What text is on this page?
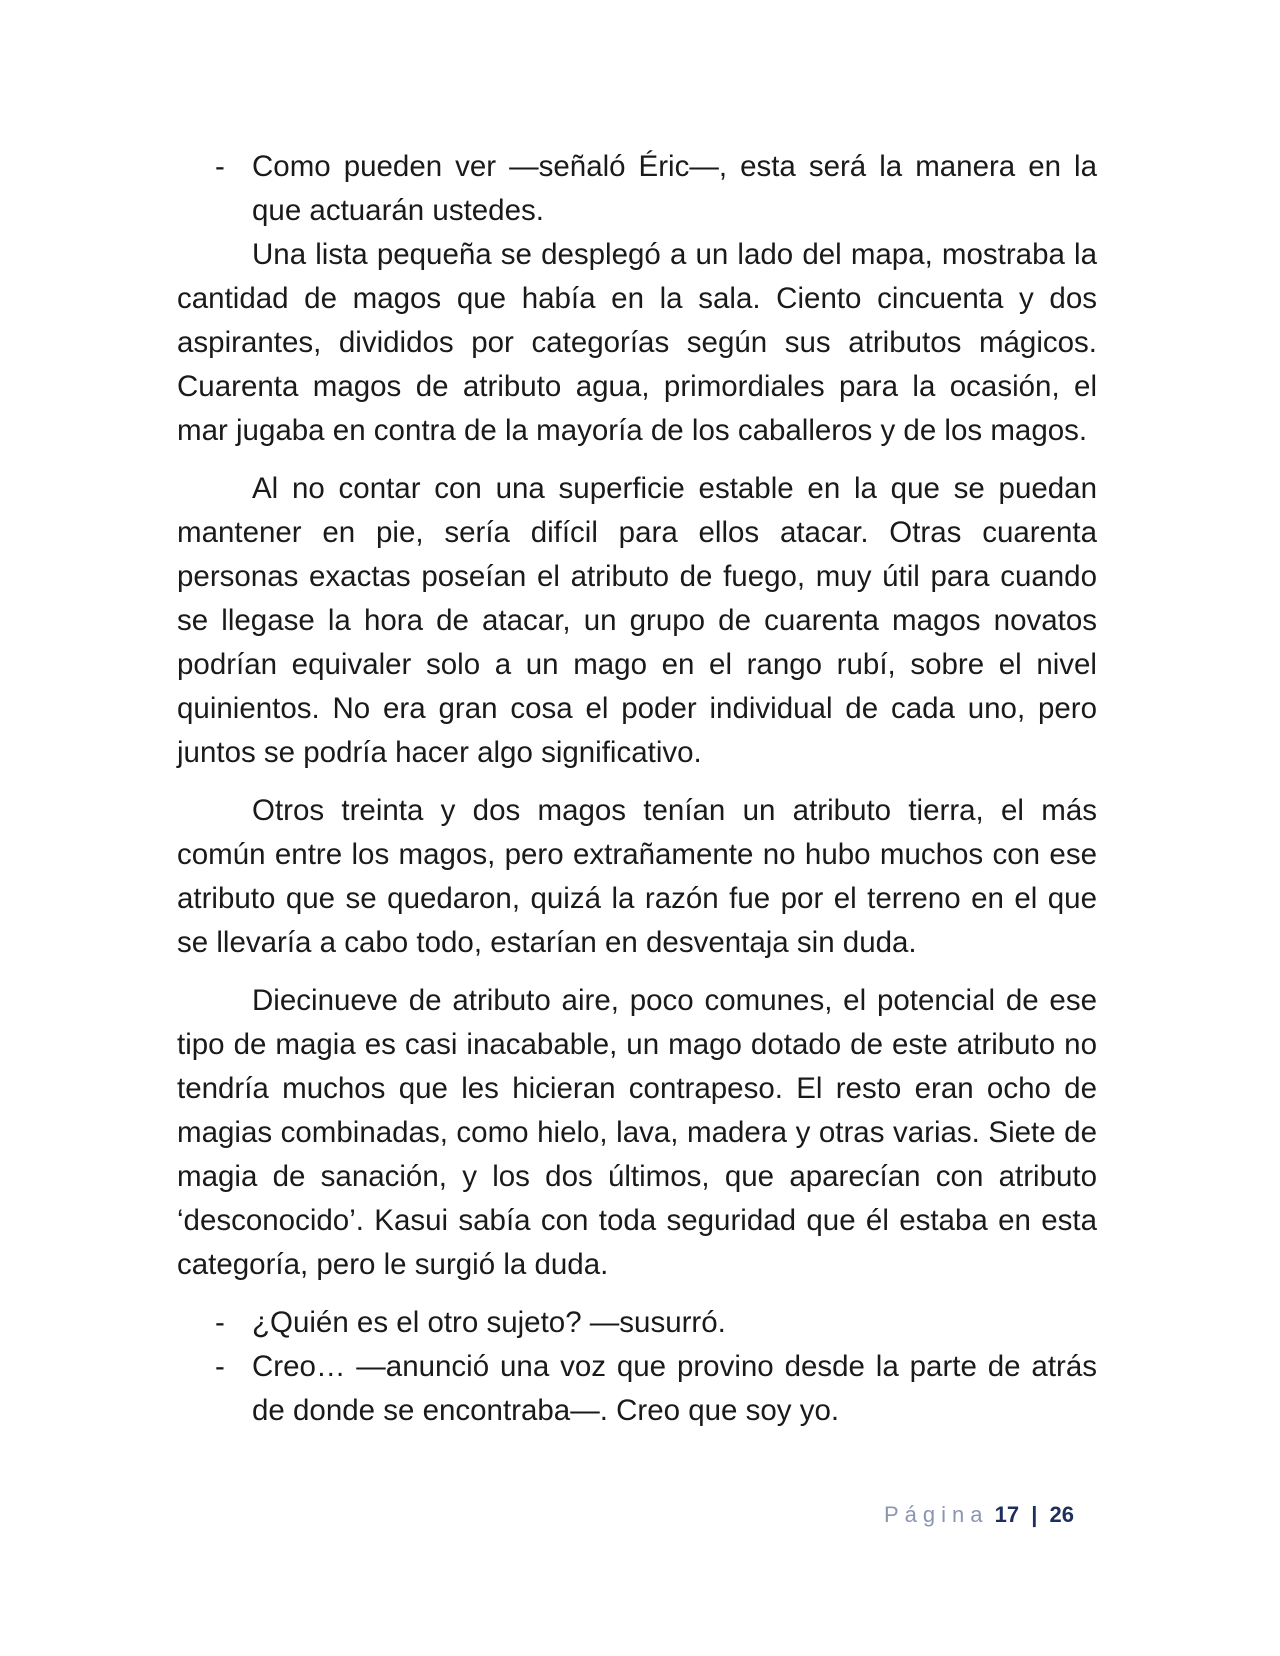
- Como pueden ver —señaló Éric—, esta será la manera en la que actuarán ustedes.

Una lista pequeña se desplegó a un lado del mapa, mostraba la cantidad de magos que había en la sala. Ciento cincuenta y dos aspirantes, divididos por categorías según sus atributos mágicos. Cuarenta magos de atributo agua, primordiales para la ocasión, el mar jugaba en contra de la mayoría de los caballeros y de los magos.

Al no contar con una superficie estable en la que se puedan mantener en pie, sería difícil para ellos atacar. Otras cuarenta personas exactas poseían el atributo de fuego, muy útil para cuando se llegase la hora de atacar, un grupo de cuarenta magos novatos podrían equivaler solo a un mago en el rango rubí, sobre el nivel quinientos. No era gran cosa el poder individual de cada uno, pero juntos se podría hacer algo significativo.

Otros treinta y dos magos tenían un atributo tierra, el más común entre los magos, pero extrañamente no hubo muchos con ese atributo que se quedaron, quizá la razón fue por el terreno en el que se llevaría a cabo todo, estarían en desventaja sin duda.

Diecinueve de atributo aire, poco comunes, el potencial de ese tipo de magia es casi inacabable, un mago dotado de este atributo no tendría muchos que les hicieran contrapeso. El resto eran ocho de magias combinadas, como hielo, lava, madera y otras varias. Siete de magia de sanación, y los dos últimos, que aparecían con atributo ‘desconocido’. Kasui sabía con toda seguridad que él estaba en esta categoría, pero le surgió la duda.

- ¿Quién es el otro sujeto? —susurró.

- Creo… —anunció una voz que provino desde la parte de atrás de donde se encontraba—. Creo que soy yo.

Página 17 | 26
